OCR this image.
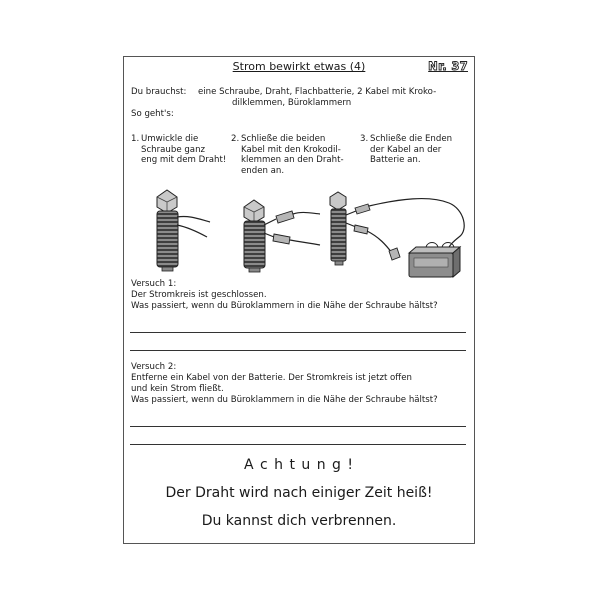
Strom bewirkt etwas (4)	Nr. 37
Du brauchst: eine Schraube, Draht, Flachbatterie, 2 Kabel mit Kroko-
dilklemmen, Büroklammern
So geht's:
1. Umwickle die
Schraube ganz
eng mit dem Draht!
2. Schließe die beiden
Kabel mit den Krokodil-
klemmen an den Draht-
enden an.
3. Schließe die Enden
der Kabel an der
Batterie an.
Versuch 1:
Der Stromkreis ist geschlossen.
Was passiert, wenn du Büroklammern in die Nähe der Schraube hältst?
Versuch 2:
Entferne ein Kabel von der Batterie. Der Stromkreis ist jetzt offen
und kein Strom fließt.
Was passiert, wenn du Büroklammern in die Nähe der Schraube hältst?
A c h t u n g !
Der Draht wird nach einiger Zeit heiß!
Du kannst dich verbrennen.
